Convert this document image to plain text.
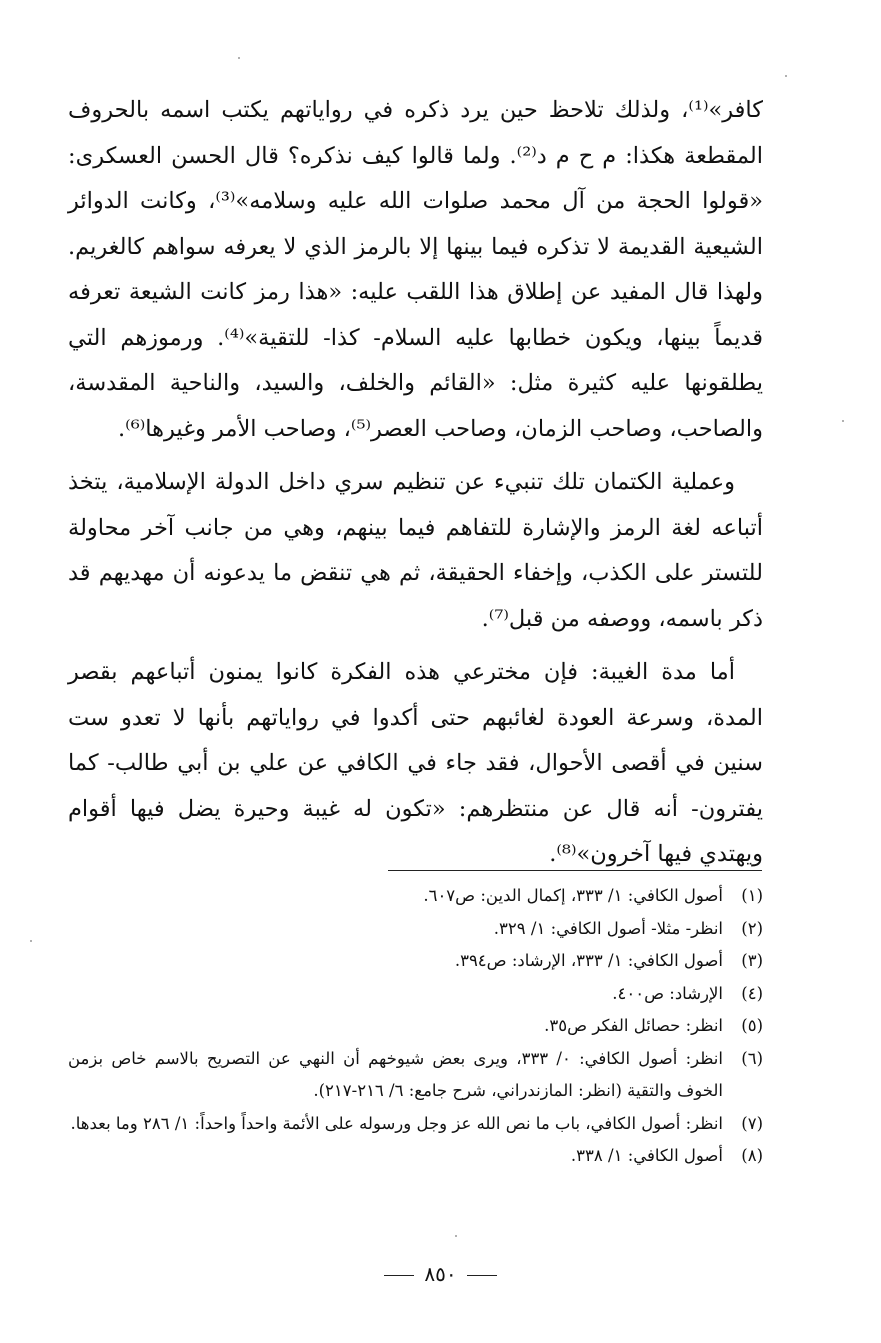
كافر»⁽¹⁾، ولذلك تلاحظ حين يرد ذكره في رواياتهم يكتب اسمه بالحروف المقطعة هكذا: م ح م د⁽²⁾. ولما قالوا كيف نذكره؟ قال الحسن العسكرى: «قولوا الحجة من آل محمد صلوات الله عليه وسلامه»⁽³⁾، وكانت الدوائر الشيعية القديمة لا تذكره فيما بينها إلا بالرمز الذي لا يعرفه سواهم كالغريم. ولهذا قال المفيد عن إطلاق هذا اللقب عليه: «هذا رمز كانت الشيعة تعرفه قديماً بينها، ويكون خطابها عليه السلام- كذا- للتقية»⁽⁴⁾. ورموزهم التي يطلقونها عليه كثيرة مثل: «القائم والخلف، والسيد، والناحية المقدسة، والصاحب، وصاحب الزمان، وصاحب العصر⁽⁵⁾، وصاحب الأمر وغيرها⁽⁶⁾.

وعملية الكتمان تلك تنبيء عن تنظيم سري داخل الدولة الإسلامية، يتخذ أتباعه لغة الرمز والإشارة للتفاهم فيما بينهم، وهي من جانب آخر محاولة للتستر على الكذب، وإخفاء الحقيقة، ثم هي تنقض ما يدعونه أن مهديهم قد ذكر باسمه، ووصفه من قبل⁽⁷⁾.

أما مدة الغيبة: فإن مخترعي هذه الفكرة كانوا يمنون أتباعهم بقصر المدة، وسرعة العودة لغائبهم حتى أكدوا في رواياتهم بأنها لا تعدو ست سنين في أقصى الأحوال، فقد جاء في الكافي عن علي بن أبي طالب- كما يفترون- أنه قال عن منتظرهم: «تكون له غيبة وحيرة يضل فيها أقوام ويهتدي فيها آخرون»⁽⁸⁾.

(١)
أصول الكافي: ١/ ٣٣٣، إكمال الدين: ص٦٠٧.
(٢)
انظر- مثلا- أصول الكافي: ١/ ٣٢٩.
(٣)
أصول الكافي: ١/ ٣٣٣، الإرشاد: ص٣٩٤.
(٤)
الإرشاد: ص٤٠٠.
(٥)
انظر: حصائل الفكر ص٣٥.
(٦)
انظر: أصول الكافي: ٠/ ٣٣٣، ويرى بعض شيوخهم أن النهي عن التصريح بالاسم خاص بزمن الخوف والتقية (انظر: المازندراني، شرح جامع: ٦/ ٢١٦-٢١٧).
(٧)
انظر: أصول الكافي، باب ما نص الله عز وجل ورسوله على الأئمة واحداً واحداً: ١/ ٢٨٦ وما بعدها.
(٨)
أصول الكافي: ١/ ٣٣٨.
٨٥٠
